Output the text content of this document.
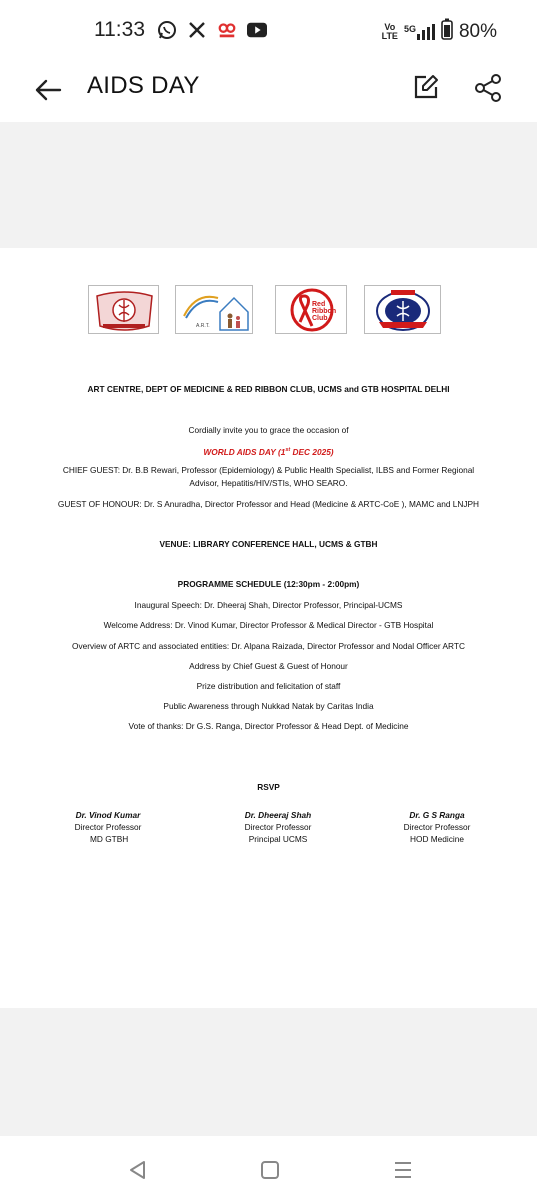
11:33	Vo
LTE
5G 80%
AIDS DAY
A.R.T.
Red
Ribbon
Club
ART CENTRE, DEPT OF MEDICINE & RED RIBBON CLUB, UCMS and GTB HOSPITAL DELHI
Cordially invite you to grace the occasion of
WORLD AIDS DAY (1st DEC 2025)
CHIEF GUEST: Dr. B.B Rewari, Professor (Epidemiology) & Public Health Specialist, ILBS and Former Regional
Advisor, Hepatitis/HIV/STIs, WHO SEARO.
GUEST OF HONOUR: Dr. S Anuradha, Director Professor and Head (Medicine & ARTC-CoE ), MAMC and LNJPH
VENUE: LIBRARY CONFERENCE HALL, UCMS & GTBH
PROGRAMME SCHEDULE (12:30pm - 2:00pm)
Inaugural Speech: Dr. Dheeraj Shah, Director Professor, Principal-UCMS
Welcome Address: Dr. Vinod Kumar, Director Professor & Medical Director - GTB Hospital
Overview of ARTC and associated entities: Dr. Alpana Raizada, Director Professor and Nodal Officer ARTC
Address by Chief Guest & Guest of Honour
Prize distribution and felicitation of staff
Public Awareness through Nukkad Natak by Caritas India
Vote of thanks: Dr G.S. Ranga, Director Professor & Head Dept. of Medicine
RSVP
Dr. Vinod Kumar
Director Professor
MD GTBH
Dr. Dheeraj Shah
Director Professor
Principal UCMS
Dr. G S Ranga
Director Professor
HOD Medicine
